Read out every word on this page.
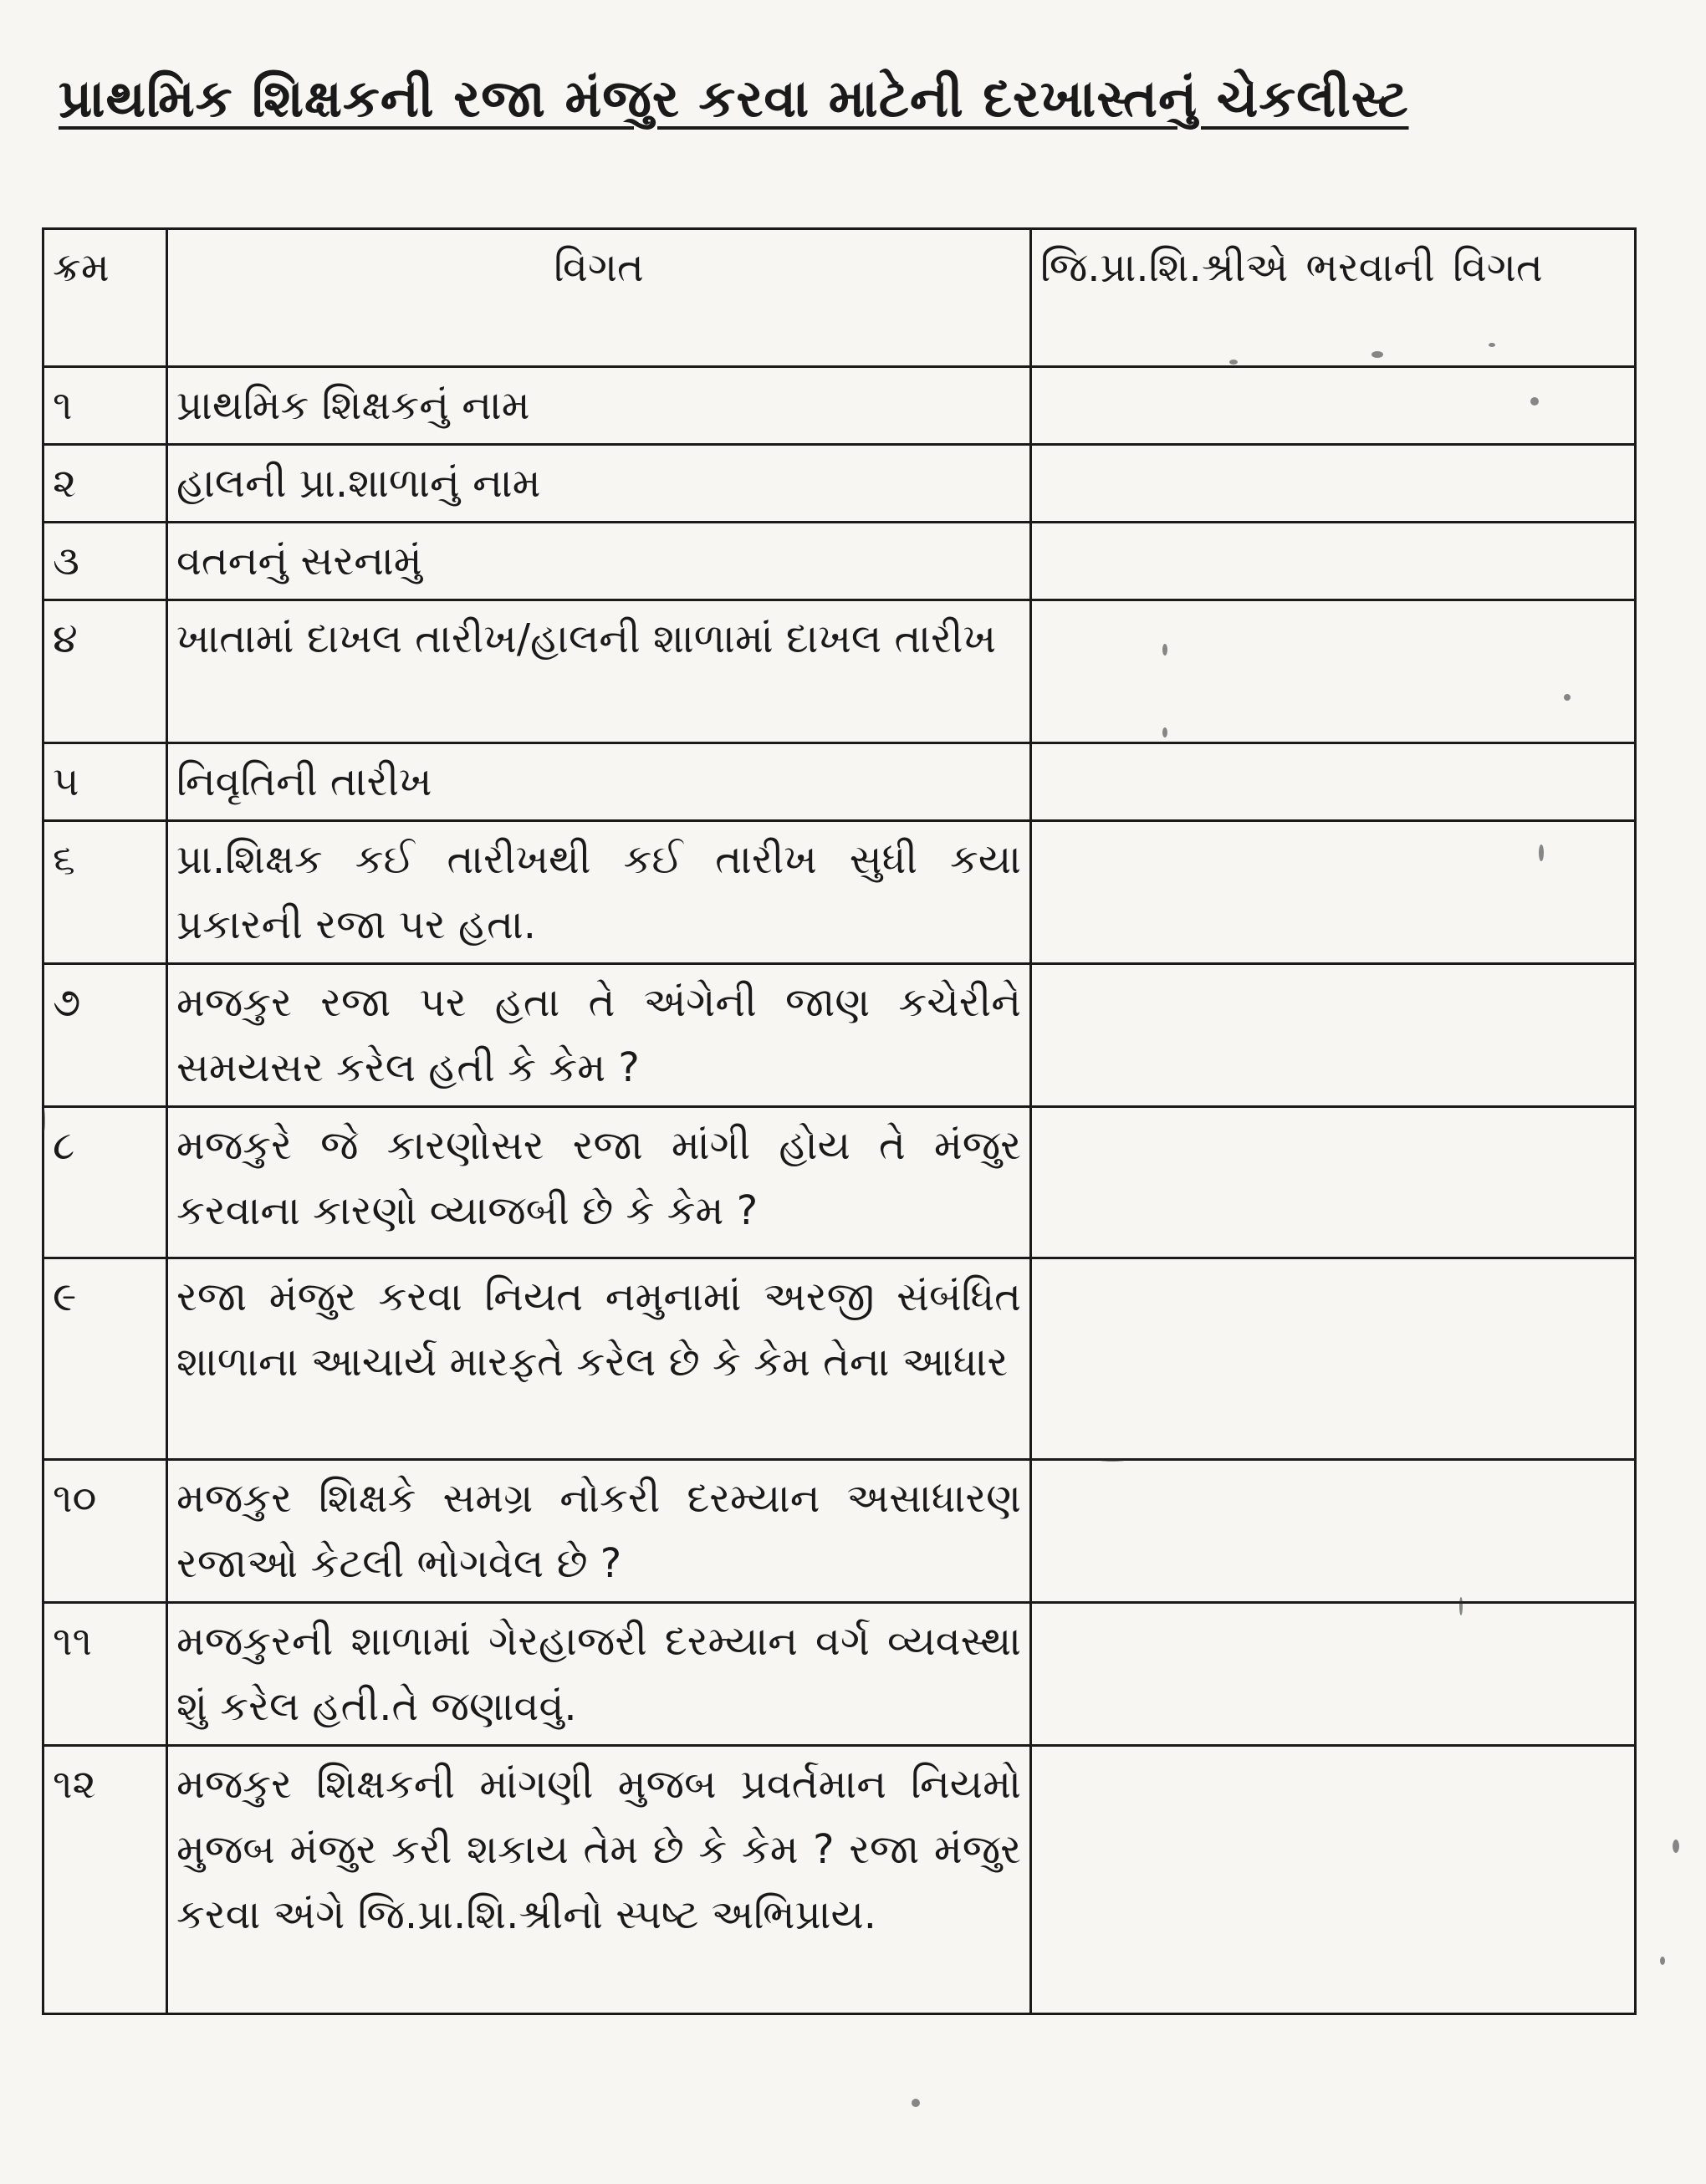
પ્રાથમિક શિક્ષકની રજા મંજુર કરવા માટેની દરખાસ્તનું ચેકલીસ્ટ
ક્રમ	વિગત	જિ.પ્રા.શિ.શ્રીએ ભરવાની વિગત
૧	પ્રાથમિક શિક્ષકનું નામ	
૨	હાલની પ્રા.શાળાનું નામ	
૩	વતનનું સરનામું	
૪	ખાતામાં દાખલ તારીખ/હાલની શાળામાં દાખલ તારીખ	
૫	નિવૃતિની તારીખ	
૬	પ્રા.શિક્ષક કઈ તારીખથી કઈ તારીખ સુધી કયા પ્રકારની રજા પર હતા.	
૭	મજકુર રજા પર હતા તે અંગેની જાણ કચેરીને સમયસર કરેલ હતી કે કેમ ?	
૮	મજકુરે જે કારણોસર રજા માંગી હોય તે મંજુર કરવાના કારણો વ્યાજબી છે કે કેમ ?	
૯	રજા મંજુર કરવા નિયત નમુનામાં અરજી સંબંધિત શાળાના આચાર્ય મારફતે કરેલ છે કે કેમ તેના આધાર	
૧૦	મજકુર શિક્ષકે સમગ્ર નોકરી દરમ્યાન અસાધારણ રજાઓ કેટલી ભોગવેલ છે ?	
૧૧	મજકુરની શાળામાં ગેરહાજરી દરમ્યાન વર્ગ વ્યવસ્થા શું કરેલ હતી.તે જણાવવું.	
૧૨	મજકુર શિક્ષકની માંગણી મુજબ પ્રવર્તમાન નિયમો મુજબ મંજુર કરી શકાય તેમ છે કે કેમ ? રજા મંજુર કરવા અંગે જિ.પ્રા.શિ.શ્રીનો સ્પષ્ટ અભિપ્રાય.	
